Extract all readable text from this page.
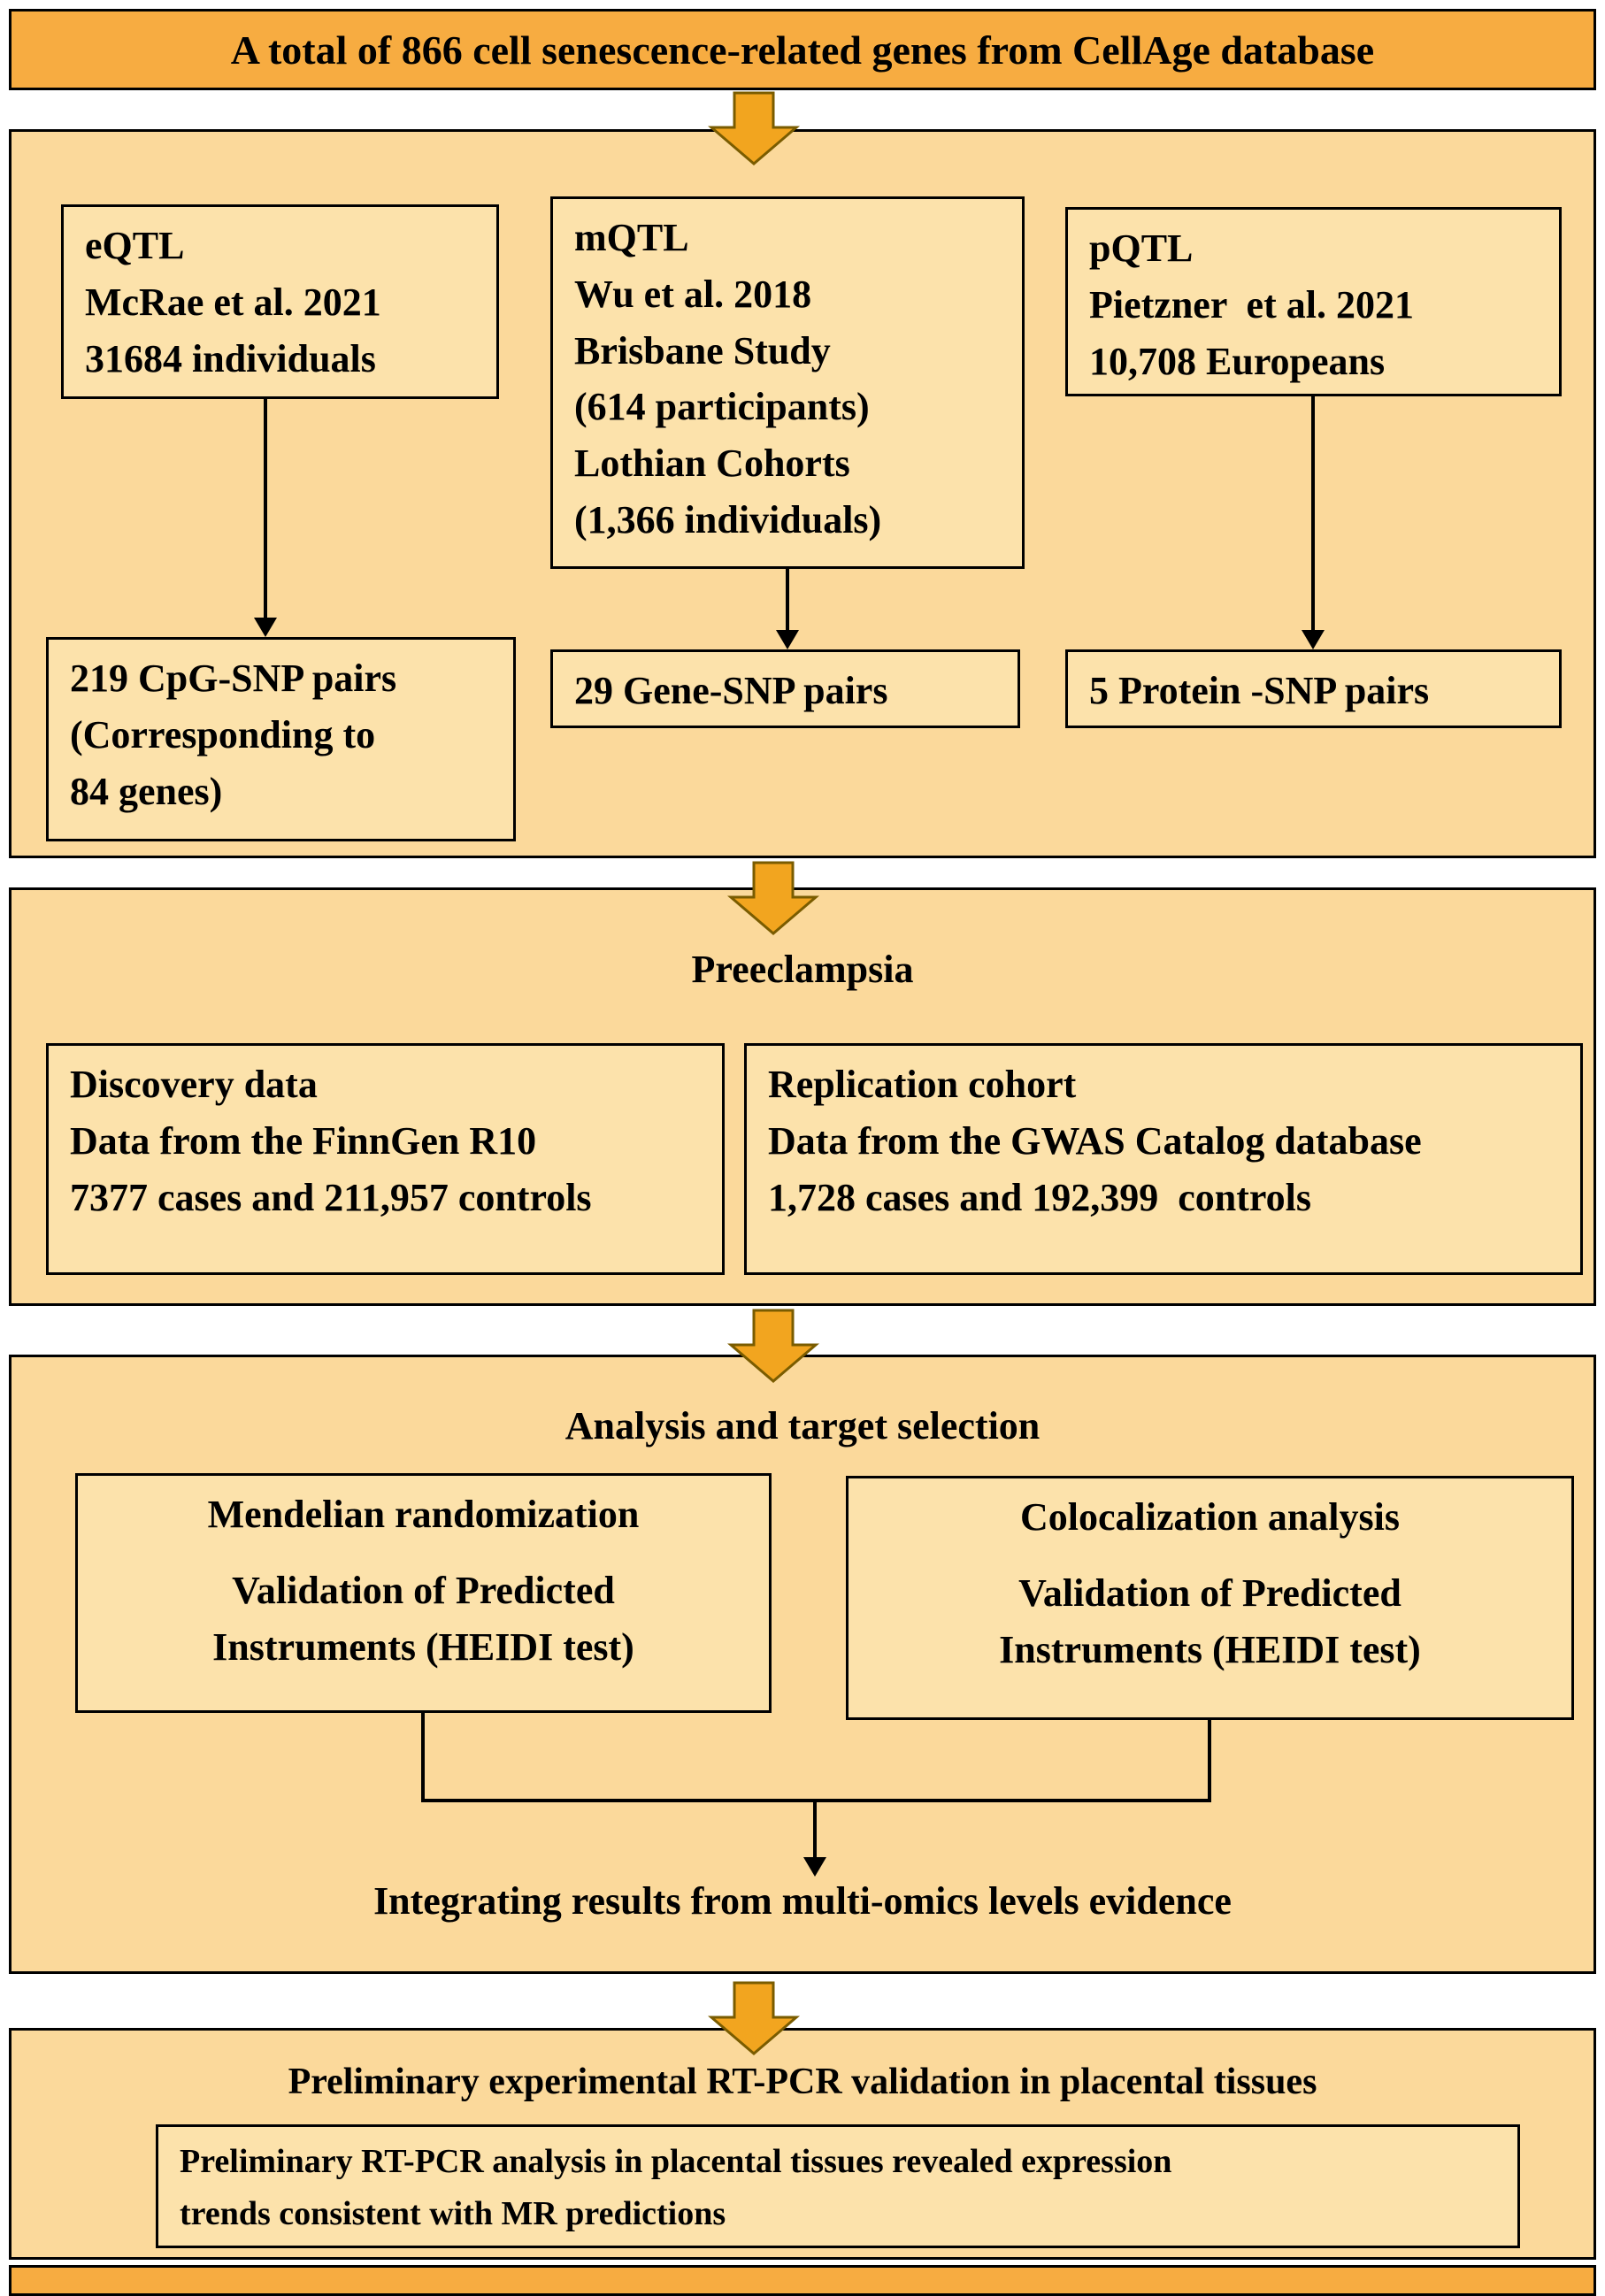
A total of 866 cell senescence-related genes from CellAge database
eQTL
McRae et al. 2021
31684 individuals
mQTL
Wu et al. 2018
Brisbane Study
(614 participants)
Lothian Cohorts
(1,366 individuals)
pQTL
Pietzner  et al. 2021
10,708 Europeans
219 CpG-SNP pairs
(Corresponding to
84 genes)
29 Gene-SNP pairs	5 Protein -SNP pairs
Preeclampsia
Discovery data
Data from the FinnGen R10
7377 cases and 211,957 controls
Replication cohort
Data from the GWAS Catalog database
1,728 cases and 192,399  controls
Analysis and target selection
Mendelian randomization
Validation of Predicted
Instruments (HEIDI test)
Colocalization analysis
Validation of Predicted
Instruments (HEIDI test)
Integrating results from multi-omics levels evidence
Preliminary experimental RT-PCR validation in placental tissues
Preliminary RT-PCR analysis in placental tissues revealed expression
trends consistent with MR predictions
